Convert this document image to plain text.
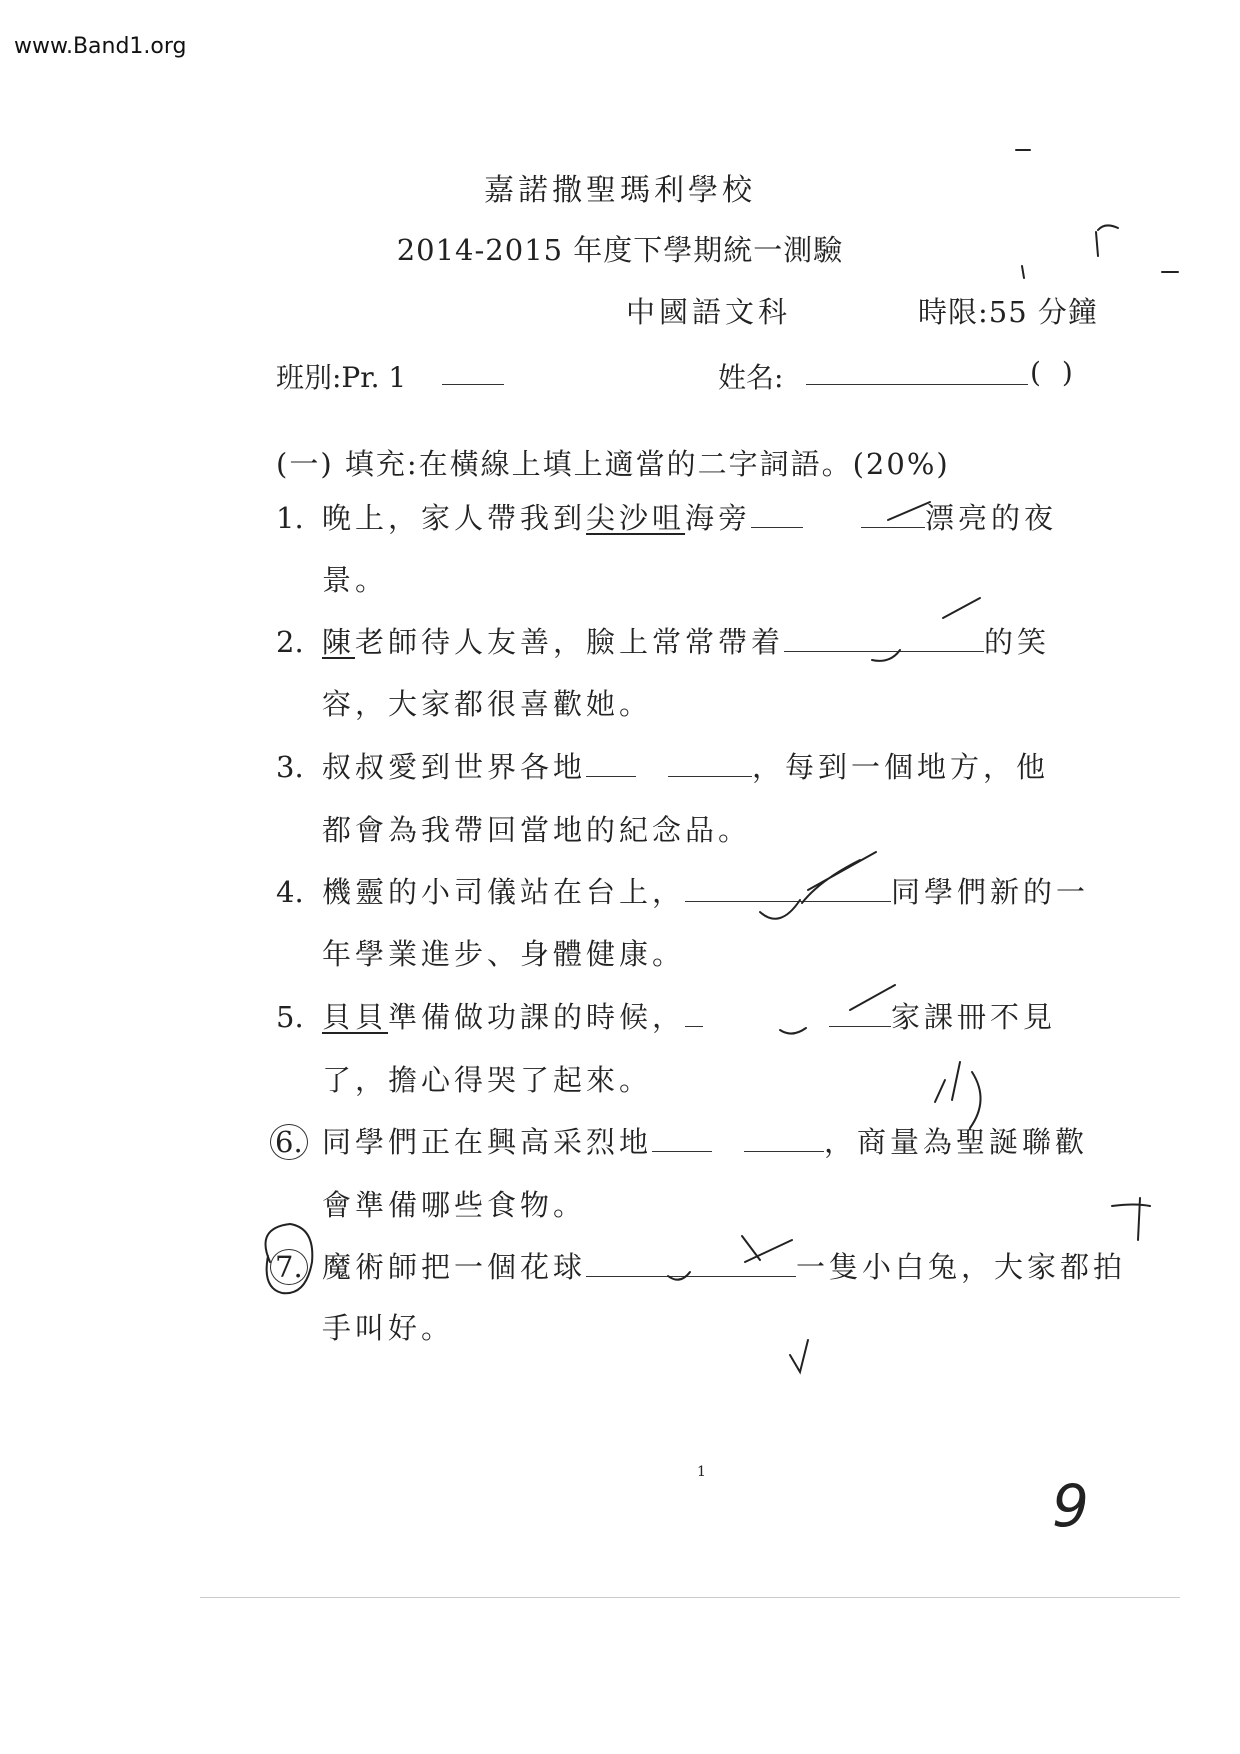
www.Band1.org
嘉諾撒聖瑪利學校
2014-2015 年度下學期統一測驗
中國語文科	時限:55 分鐘
班別:Pr. 1	姓名:	( )
(一) 填充:在橫線上填上適當的二字詞語。(20%)
1. 晚上，家人帶我到尖沙咀海旁	漂亮的夜
景。
2. 陳老師待人友善，臉上常常帶着	的笑
容，大家都很喜歡她。
3. 叔叔愛到世界各地	，每到一個地方，他
都會為我帶回當地的紀念品。
4. 機靈的小司儀站在台上，	同學們新的一
年學業進步、身體健康。
5. 貝貝準備做功課的時候，	家課冊不見
了，擔心得哭了起來。
6. 同學們正在興高采烈地	，商量為聖誕聯歡
會準備哪些食物。
7. 魔術師把一個花球	一隻小白兔，大家都拍
手叫好。
1	9
